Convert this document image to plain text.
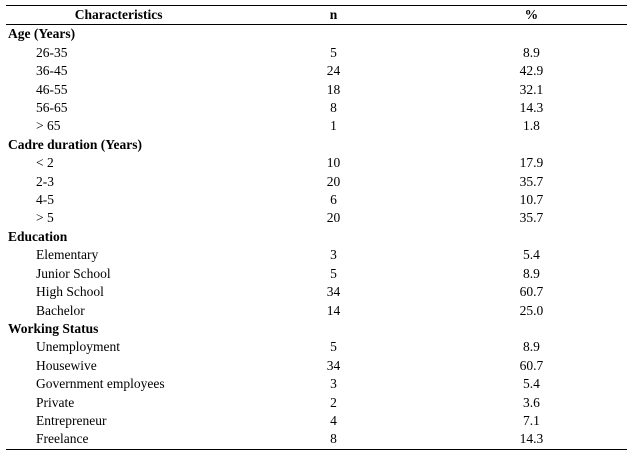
Characteristics	n	%
Age (Years)		
26-35	5	8.9
36-45	24	42.9
46-55	18	32.1
56-65	8	14.3
> 65	1	1.8
Cadre duration (Years)		
< 2	10	17.9
2-3	20	35.7
4-5	6	10.7
> 5	20	35.7
Education		
Elementary	3	5.4
Junior School	5	8.9
High School	34	60.7
Bachelor	14	25.0
Working Status		
Unemployment	5	8.9
Housewive	34	60.7
Government employees	3	5.4
Private	2	3.6
Entrepreneur	4	7.1
Freelance	8	14.3
